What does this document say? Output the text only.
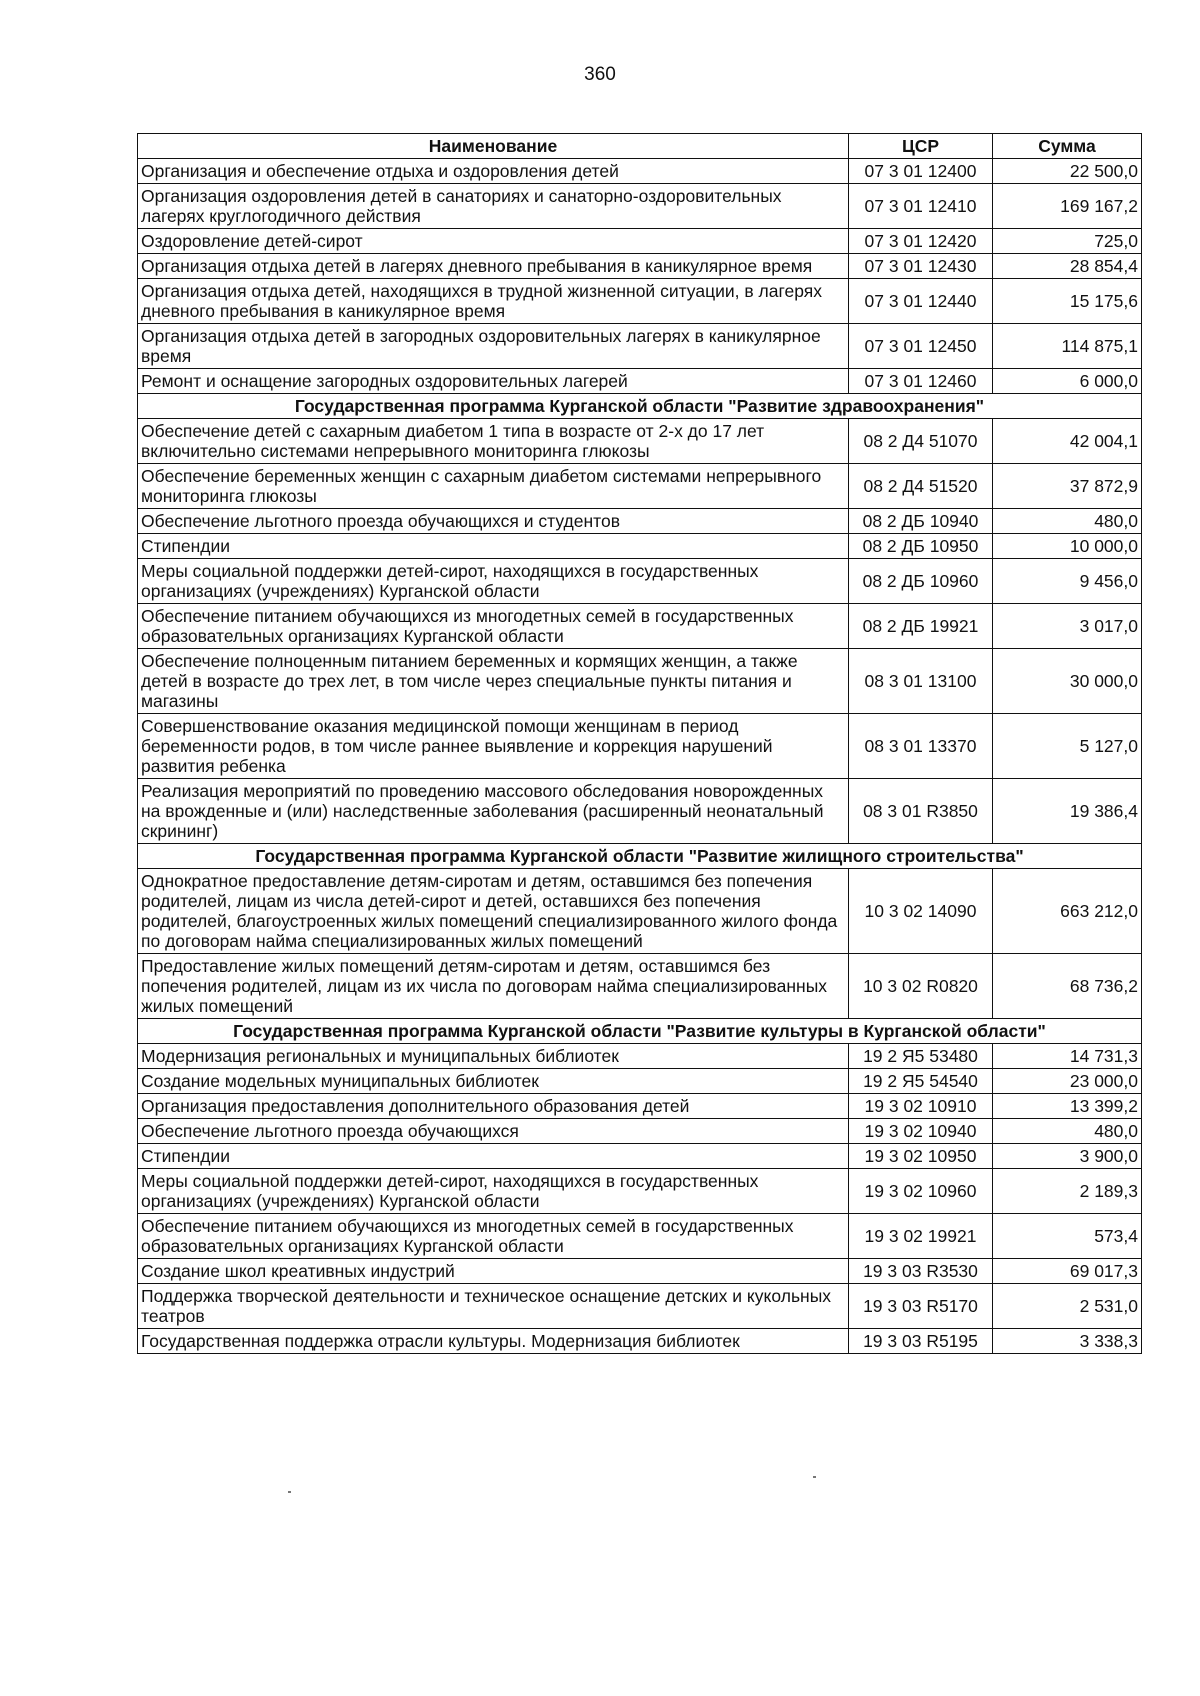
360
Наименование	ЦСР	Сумма
Организация и обеспечение отдыха и оздоровления детей	07 3 01 12400	22 500,0
Организация оздоровления детей в санаториях и санаторно-оздоровительных лагерях круглогодичного действия	07 3 01 12410	169 167,2
Оздоровление детей-сирот	07 3 01 12420	725,0
Организация отдыха детей в лагерях дневного пребывания в каникулярное время	07 3 01 12430	28 854,4
Организация отдыха детей, находящихся в трудной жизненной ситуации, в лагерях дневного пребывания в каникулярное время	07 3 01 12440	15 175,6
Организация отдыха детей в загородных оздоровительных лагерях в каникулярное время	07 3 01 12450	114 875,1
Ремонт и оснащение загородных оздоровительных лагерей	07 3 01 12460	6 000,0
Государственная программа Курганской области "Развитие здравоохранения"		
Обеспечение детей с сахарным диабетом 1 типа в возрасте от 2-х до 17 лет включительно системами непрерывного мониторинга глюкозы	08 2 Д4 51070	42 004,1
Обеспечение беременных женщин с сахарным диабетом системами непрерывного мониторинга глюкозы	08 2 Д4 51520	37 872,9
Обеспечение льготного проезда обучающихся и студентов	08 2 ДБ 10940	480,0
Стипендии	08 2 ДБ 10950	10 000,0
Меры социальной поддержки детей-сирот, находящихся в государственных организациях (учреждениях) Курганской области	08 2 ДБ 10960	9 456,0
Обеспечение питанием обучающихся из многодетных семей в государственных образовательных организациях Курганской области	08 2 ДБ 19921	3 017,0
Обеспечение полноценным питанием беременных и кормящих женщин, а также детей в возрасте до трех лет, в том числе через специальные пункты питания и магазины	08 3 01 13100	30 000,0
Совершенствование оказания медицинской помощи женщинам в период беременности родов, в том числе раннее выявление и коррекция нарушений развития ребенка	08 3 01 13370	5 127,0
Реализация мероприятий по проведению массового обследования новорожденных на врожденные и (или) наследственные заболевания (расширенный неонатальный скрининг)	08 3 01 R3850	19 386,4
Государственная программа Курганской области "Развитие жилищного строительства"		
Однократное предоставление детям-сиротам и детям, оставшимся без попечения родителей, лицам из числа детей-сирот и детей, оставшихся без попечения родителей, благоустроенных жилых помещений специализированного жилого фонда по договорам найма специализированных жилых помещений	10 3 02 14090	663 212,0
Предоставление жилых помещений детям-сиротам и детям, оставшимся без попечения родителей, лицам из их числа по договорам найма специализированных жилых помещений	10 3 02 R0820	68 736,2
Государственная программа Курганской области "Развитие культуры в Курганской области"		
Модернизация региональных и муниципальных библиотек	19 2 Я5 53480	14 731,3
Создание модельных муниципальных библиотек	19 2 Я5 54540	23 000,0
Организация предоставления дополнительного образования детей	19 3 02 10910	13 399,2
Обеспечение льготного проезда обучающихся	19 3 02 10940	480,0
Стипендии	19 3 02 10950	3 900,0
Меры социальной поддержки детей-сирот, находящихся в государственных организациях (учреждениях) Курганской области	19 3 02 10960	2 189,3
Обеспечение питанием обучающихся из многодетных семей в государственных образовательных организациях Курганской области	19 3 02 19921	573,4
Создание школ креативных индустрий	19 3 03 R3530	69 017,3
Поддержка творческой деятельности и техническое оснащение детских и кукольных театров	19 3 03 R5170	2 531,0
Государственная поддержка отрасли культуры. Модернизация библиотек	19 3 03 R5195	3 338,3
